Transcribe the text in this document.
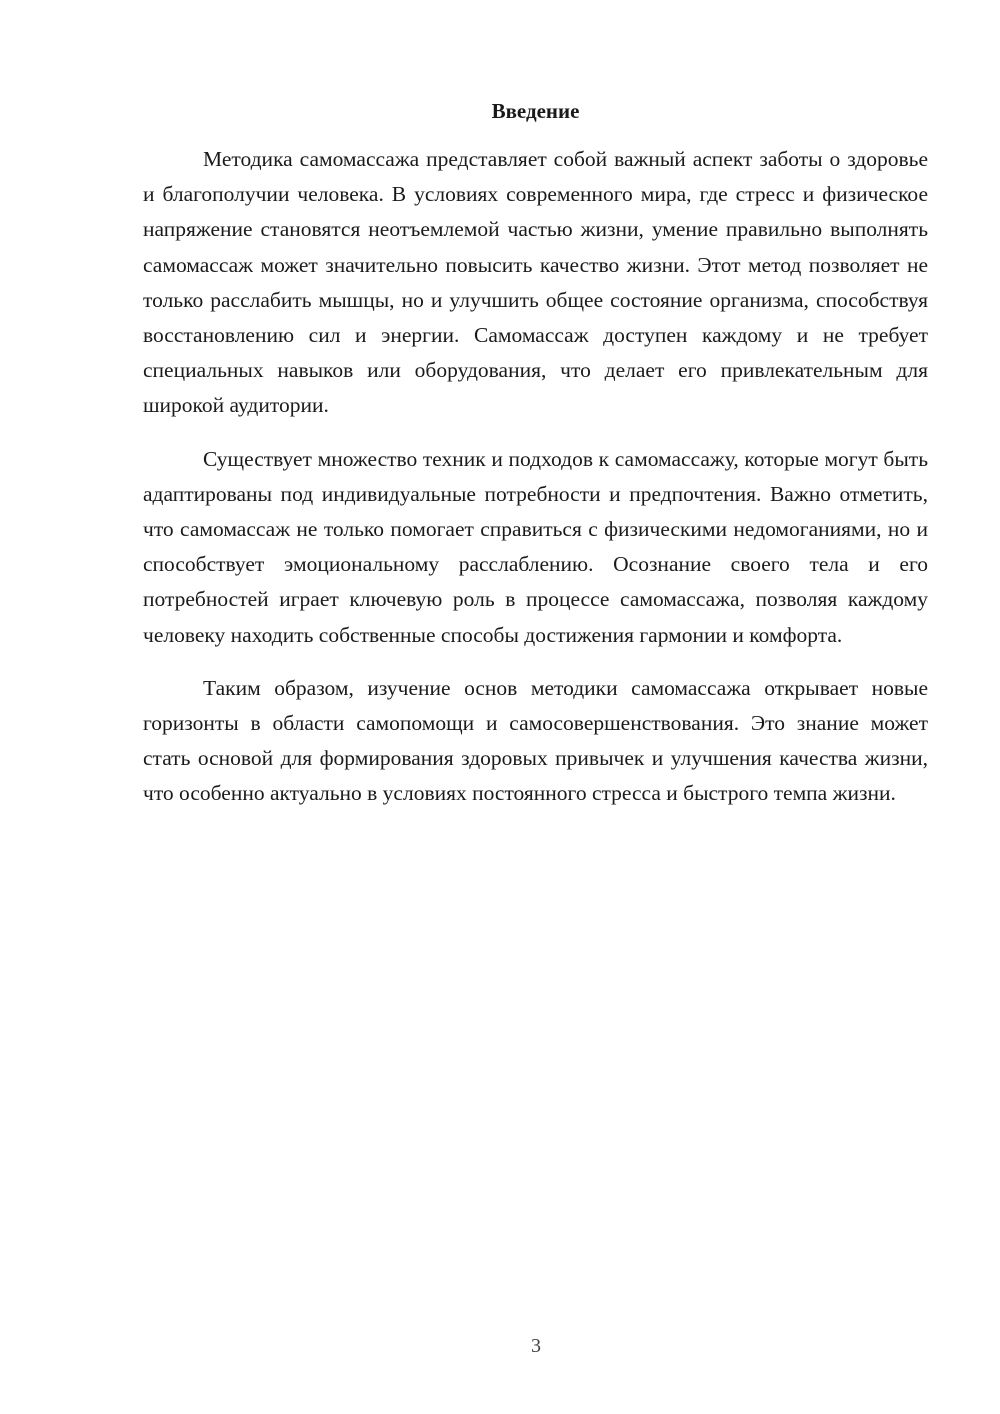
Введение

Методика самомассажа представляет собой важный аспект заботы о здоровье и благополучии человека. В условиях современного мира, где стресс и физическое напряжение становятся неотъемлемой частью жизни, умение правильно выполнять самомассаж может значительно повысить качество жизни. Этот метод позволяет не только расслабить мышцы, но и улучшить общее состояние организма, способствуя восстановлению сил и энергии. Самомассаж доступен каждому и не требует специальных навыков или оборудования, что делает его привлекательным для широкой аудитории.

Существует множество техник и подходов к самомассажу, которые могут быть адаптированы под индивидуальные потребности и предпочтения. Важно отметить, что самомассаж не только помогает справиться с физическими недомоганиями, но и способствует эмоциональному расслаблению. Осознание своего тела и его потребностей играет ключевую роль в процессе самомассажа, позволяя каждому человеку находить собственные способы достижения гармонии и комфорта.

Таким образом, изучение основ методики самомассажа открывает новые горизонты в области самопомощи и самосовершенствования. Это знание может стать основой для формирования здоровых привычек и улучшения качества жизни, что особенно актуально в условиях постоянного стресса и быстрого темпа жизни.

3
